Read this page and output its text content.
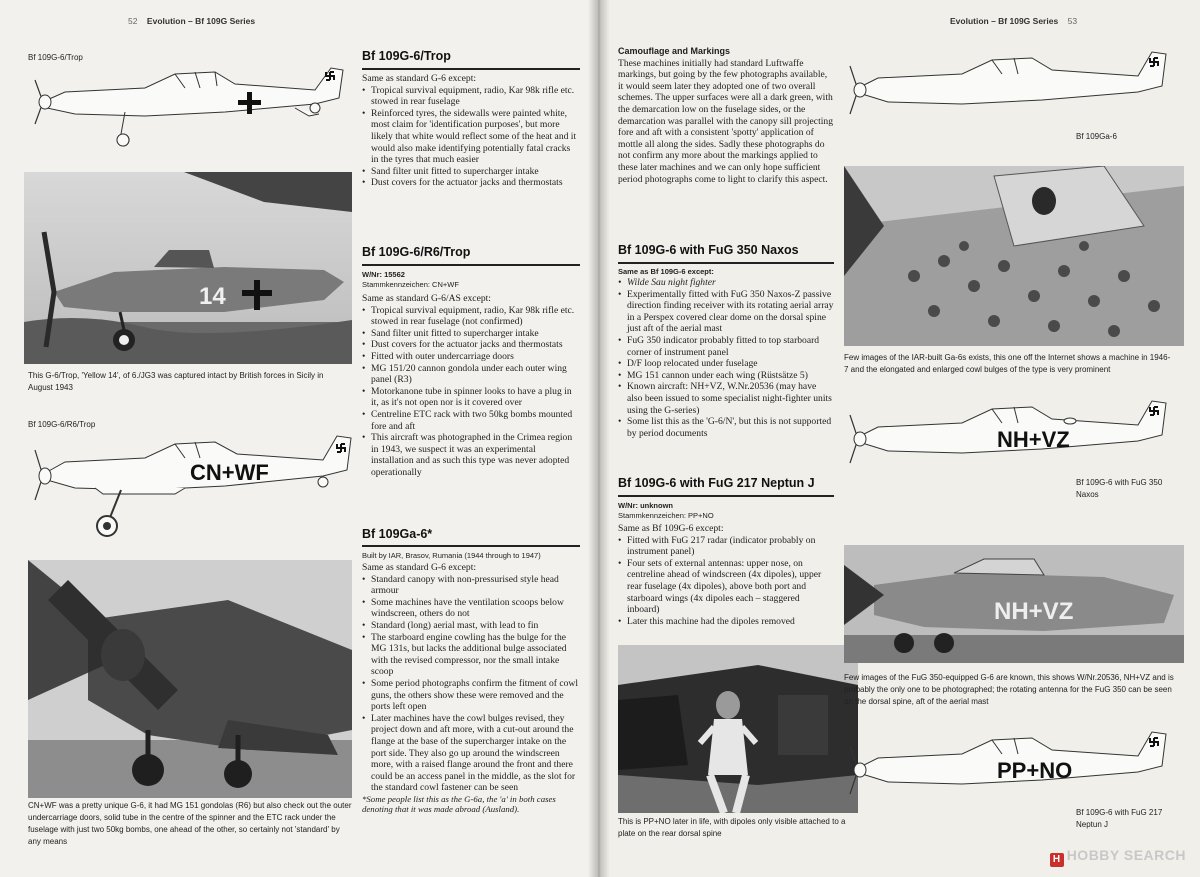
52 Evolution – Bf 109G Series
Bf 109G-6/Trop
14
This G-6/Trop, 'Yellow 14', of 6./JG3 was captured intact by British forces in Sicily in August 1943
Bf 109G-6/R6/Trop
CN+WF
CN+WF was a pretty unique G-6, it had MG 151 gondolas (R6) but also check out the outer undercarriage doors, solid tube in the centre of the spinner and the ETC rack under the fuselage with just two 50kg bombs, one ahead of the other, so certainly not 'standard' by any means
Bf 109G-6/Trop
Same as standard G-6 except:
• Tropical survival equipment, radio, Kar 98k rifle etc. stowed in rear fuselage
• Reinforced tyres, the sidewalls were painted white, most claim for 'identification purposes', but more likely that white would reflect some of the heat and it would also make identifying potentially fatal cracks in the tyres that much easier
• Sand filter unit fitted to supercharger intake
• Dust covers for the actuator jacks and thermostats
Bf 109G-6/R6/Trop
W/Nr: 15562
Stammkennzeichen: CN+WF
Same as standard G-6/AS except:
• Tropical survival equipment, radio, Kar 98k rifle etc. stowed in rear fuselage (not confirmed)
• Sand filter unit fitted to supercharger intake
• Dust covers for the actuator jacks and thermostats
• Fitted with outer undercarriage doors
• MG 151/20 cannon gondola under each outer wing panel (R3)
• Motorkanone tube in spinner looks to have a plug in it, as it's not open nor is it covered over
• Centreline ETC rack with two 50kg bombs mounted fore and aft
• This aircraft was photographed in the Crimea region in 1943, we suspect it was an experimental installation and as such this type was never adopted operationally
Bf 109Ga-6*
Built by IAR, Brasov, Rumania (1944 through to 1947)
Same as standard G-6 except:
• Standard canopy with non-pressurised style head armour
• Some machines have the ventilation scoops below windscreen, others do not
• Standard (long) aerial mast, with lead to fin
• The starboard engine cowling has the bulge for the MG 131s, but lacks the additional bulge associated with the revised compressor, nor the small intake scoop
• Some period photographs confirm the fitment of cowl guns, the others show these were removed and the ports left open
• Later machines have the cowl bulges revised, they project down and aft more, with a cut-out around the flange at the base of the supercharger intake on the port side. They also go up around the windscreen more, with a raised flange around the front and there could be an access panel in the middle, as the slot for the standard cowl fastener can be seen
*Some people list this as the G-6a, the 'a' in both cases denoting that it was made abroad (Ausland).
Evolution – Bf 109G Series 53
Camouflage and Markings
These machines initially had standard Luftwaffe markings, but going by the few photographs available, it would seem later they adopted one of two overall schemes. The upper surfaces were all a dark green, with the demarcation low on the fuselage sides, or the demarcation was parallel with the canopy sill projecting fore and aft with a consistent 'spotty' application of mottle all along the sides. Sadly these photographs do not confirm any more about the markings applied to these later machines and we can only hope sufficient period photographs come to light to clarify this aspect.
Bf 109G-6 with FuG 350 Naxos
Same as Bf 109G-6 except:
• Wilde Sau night fighter
• Experimentally fitted with FuG 350 Naxos-Z passive direction finding receiver with its rotating aerial array in a Perspex covered clear dome on the dorsal spine just aft of the aerial mast
• FuG 350 indicator probably fitted to top starboard corner of instrument panel
• D/F loop relocated under fuselage
• MG 151 cannon under each wing (Rüstsätze 5)
• Known aircraft: NH+VZ, W.Nr.20536 (may have also been issued to some specialist night-fighter units using the G-series)
• Some list this as the 'G-6/N', but this is not supported by period documents
Bf 109G-6 with FuG 217 Neptun J
W/Nr: unknown
Stammkennzeichen: PP+NO
Same as Bf 109G-6 except:
• Fitted with FuG 217 radar (indicator probably on instrument panel)
• Four sets of external antennas: upper nose, on centreline ahead of windscreen (4x dipoles), upper rear fuselage (4x dipoles), above both port and starboard wings (4x dipoles each – staggered inboard)
• Later this machine had the dipoles removed
This is PP+NO later in life, with dipoles only visible attached to a plate on the rear dorsal spine
Bf 109Ga-6
Few images of the IAR-built Ga-6s exists, this one off the Internet shows a machine in 1946-7 and the elongated and enlarged cowl bulges of the type is very prominent
NH+VZ
Bf 109G-6 with FuG 350
Naxos
NH+VZ
Few images of the FuG 350-equipped G-6 are known, this shows W/Nr.20536, NH+VZ and is probably the only one to be photographed; the rotating antenna for the FuG 350 can be seen on the dorsal spine, aft of the aerial mast
PP+NO
Bf 109G-6 with FuG 217
Neptun J
H HOBBY SEARCH
